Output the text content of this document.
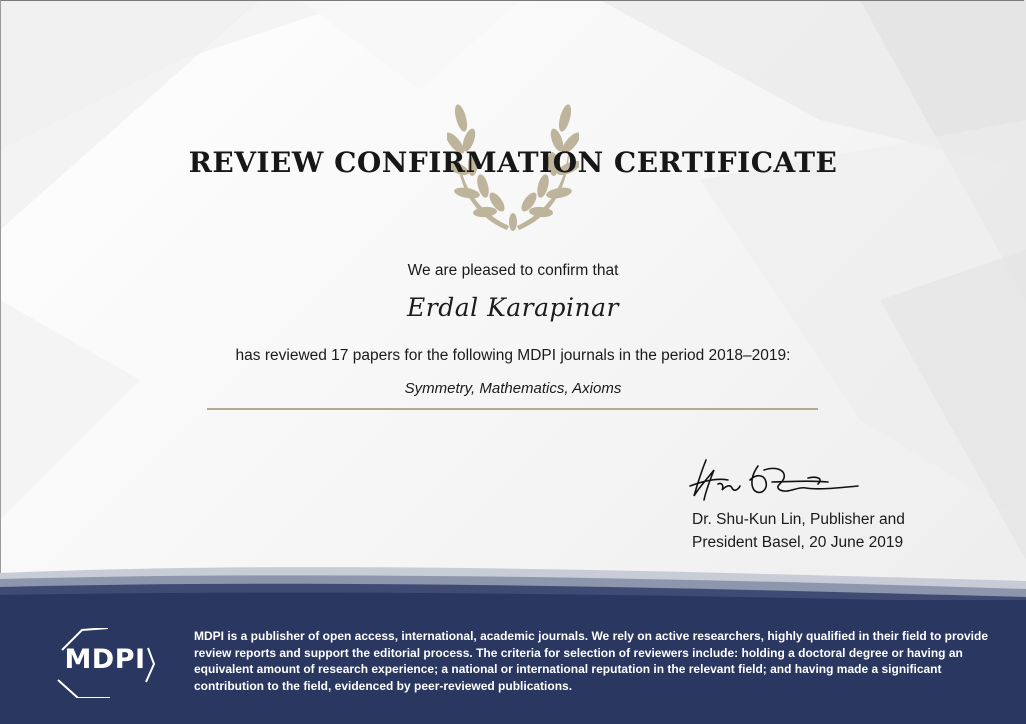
REVIEW CONFIRMATION CERTIFICATE
We are pleased to confirm that
Erdal Karapinar
has reviewed 17 papers for the following MDPI journals in the period 2018–2019:
Symmetry, Mathematics, Axioms
Dr. Shu-Kun Lin, Publisher and
President Basel, 20 June 2019
MDPI

MDPI is a publisher of open access, international, academic journals. We rely on active researchers, highly qualified in their field to provide review reports and support the editorial process. The criteria for selection of reviewers include: holding a doctoral degree or having an equivalent amount of research experience; a national or international reputation in the relevant field; and having made a significant contribution to the field, evidenced by peer-reviewed publications.
